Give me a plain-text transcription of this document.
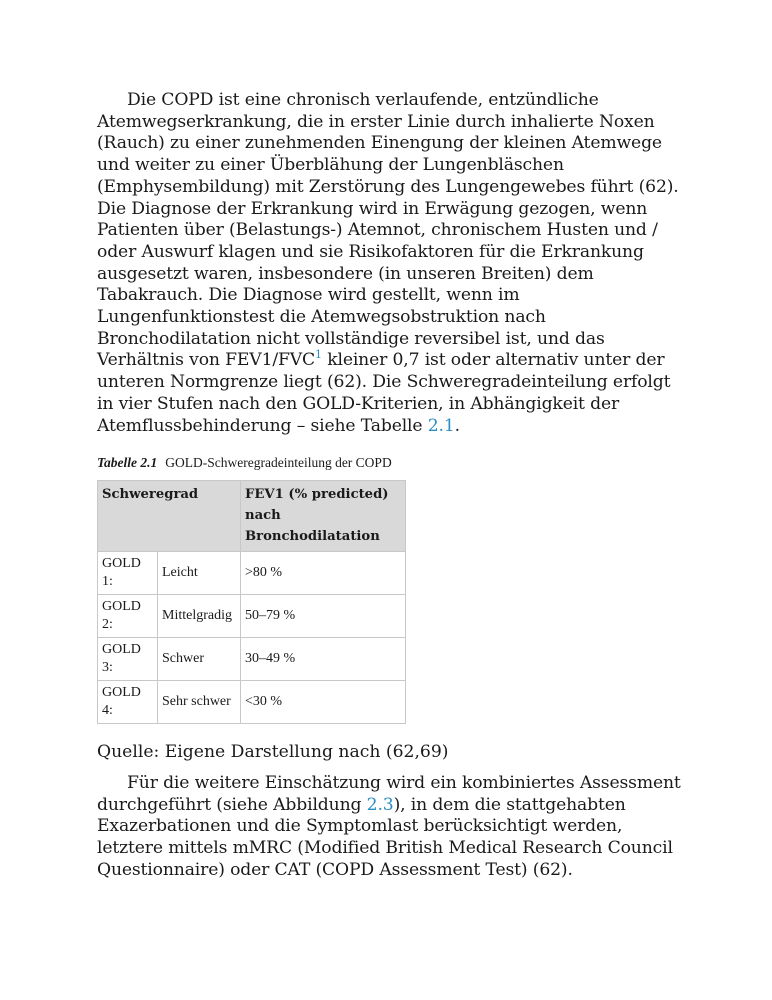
Die COPD ist eine chronisch verlaufende, entzündliche Atemwegserkrankung, die in erster Linie durch inhalierte Noxen (Rauch) zu einer zunehmenden Einengung der kleinen Atemwege und weiter zu einer Überblähung der Lungenbläschen (Emphysembildung) mit Zerstörung des Lungengewebes führt (62). Die Diagnose der Erkrankung wird in Erwägung gezogen, wenn Patienten über (Belastungs-) Atemnot, chronischem Husten und / oder Auswurf klagen und sie Risikofaktoren für die Erkrankung ausgesetzt waren, insbesondere (in unseren Breiten) dem Tabakrauch. Die Diagnose wird gestellt, wenn im Lungenfunktionstest die Atemwegsobstruktion nach Bronchodilatation nicht vollständige reversibel ist, und das Verhältnis von FEV1/FVC$^1$ kleiner 0,7 ist oder alternativ unter der unteren Normgrenze liegt (62). Die Schweregradeinteilung erfolgt in vier Stufen nach den GOLD-Kriterien, in Abhängigkeit der Atemflussbehinderung – siehe Tabelle 2.1.

Tabelle 2.1 GOLD-Schweregradeinteilung der COPD
Schweregrad		FEV1 (% predicted)
nach Bronchodilatation

GOLD 1:	Leicht	>80 %
GOLD 2:	Mittelgradig	50–79 %
GOLD 3:	Schwer	30–49 %
GOLD 4:	Sehr schwer	<30 %
Quelle: Eigene Darstellung nach (62,69)

Für die weitere Einschätzung wird ein kombiniertes Assessment durchgeführt (siehe Abbildung 2.3), in dem die stattgehabten Exazerbationen und die Symptomlast berücksichtigt werden, letztere mittels mMRC (Modified British Medical Research Council Questionnaire) oder CAT (COPD Assessment Test) (62).
